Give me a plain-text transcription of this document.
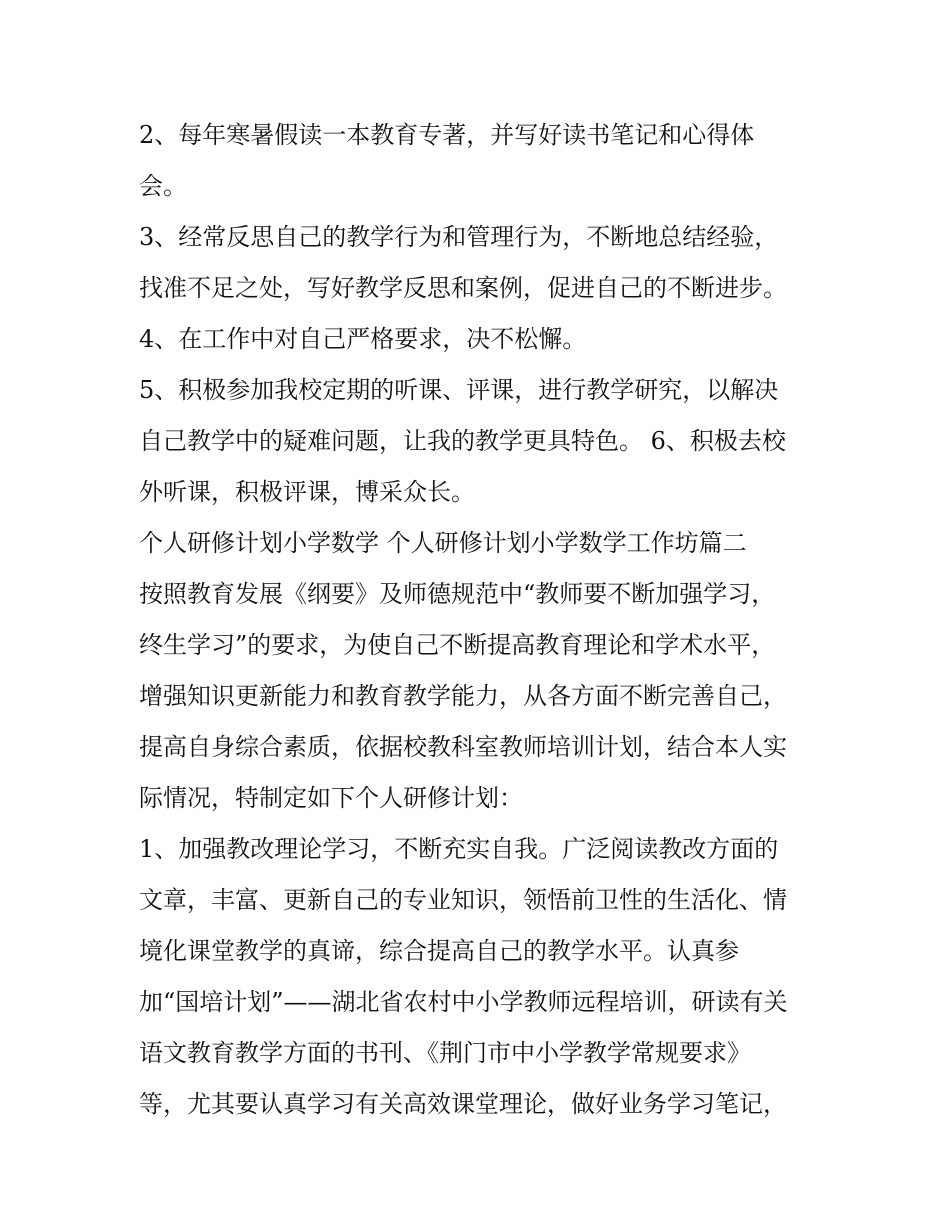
2、每年寒暑假读一本教育专著，并写好读书笔记和心得体
会。
3、经常反思自己的教学行为和管理行为，不断地总结经验，
找准不足之处，写好教学反思和案例，促进自己的不断进步。
4、在工作中对自己严格要求，决不松懈。
5、积极参加我校定期的听课、评课，进行教学研究，以解决
自己教学中的疑难问题，让我的教学更具特色。 6、积极去校
外听课，积极评课，博采众长。
个人研修计划小学数学 个人研修计划小学数学工作坊篇二
按照教育发展《纲要》及师德规范中“教师要不断加强学习，
终生学习”的要求，为使自己不断提高教育理论和学术水平，
增强知识更新能力和教育教学能力，从各方面不断完善自己，
提高自身综合素质，依据校教科室教师培训计划，结合本人实
际情况，特制定如下个人研修计划：
1、加强教改理论学习，不断充实自我。广泛阅读教改方面的
文章，丰富、更新自己的专业知识，领悟前卫性的生活化、情
境化课堂教学的真谛，综合提高自己的教学水平。认真参
加“国培计划”——湖北省农村中小学教师远程培训，研读有关
语文教育教学方面的书刊、《荆门市中小学教学常规要求》
等，尤其要认真学习有关高效课堂理论，做好业务学习笔记，
